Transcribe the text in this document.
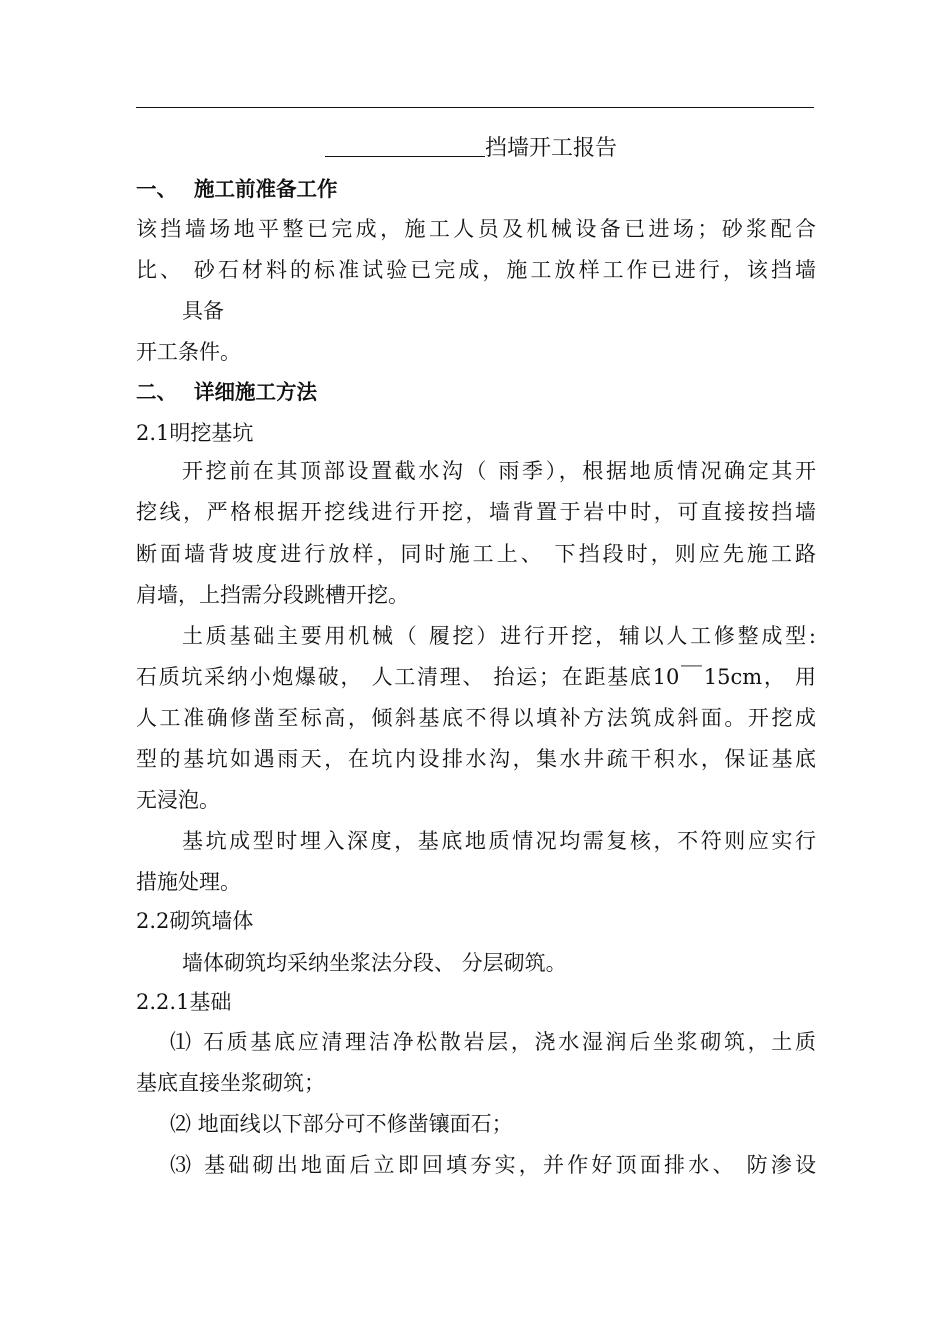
挡墙开工报告
一、 施工前准备工作
该挡墙场地平整已完成，施工人员及机械设备已进场；砂浆配合
比、 砂石材料的标准试验已完成，施工放样工作已进行，该挡墙
具备
开工条件。
二、 详细施工方法
2.1明挖基坑
开挖前在其顶部设置截水沟（ 雨季），根据地质情况确定其开
挖线，严格根据开挖线进行开挖，墙背置于岩中时，可直接按挡墙
断面墙背坡度进行放样，同时施工上、 下挡段时，则应先施工路
肩墙，上挡需分段跳槽开挖。
土质基础主要用机械（ 履挖）进行开挖，辅以人工修整成型:
石质坑采纳小炮爆破， 人工清理、 抬运；在距基底10￣15cm， 用
人工准确修凿至标高，倾斜基底不得以填补方法筑成斜面。开挖成
型的基坑如遇雨天，在坑内设排水沟，集水井疏干积水，保证基底
无浸泡。
基坑成型时埋入深度，基底地质情况均需复核，不符则应实行
措施处理。
2.2砌筑墙体
墙体砌筑均采纳坐浆法分段、 分层砌筑。
2.2.1基础
⑴ 石质基底应清理洁净松散岩层，浇水湿润后坐浆砌筑，土质
基底直接坐浆砌筑；
⑵ 地面线以下部分可不修凿镶面石；
⑶ 基础砌出地面后立即回填夯实，并作好顶面排水、 防渗设
